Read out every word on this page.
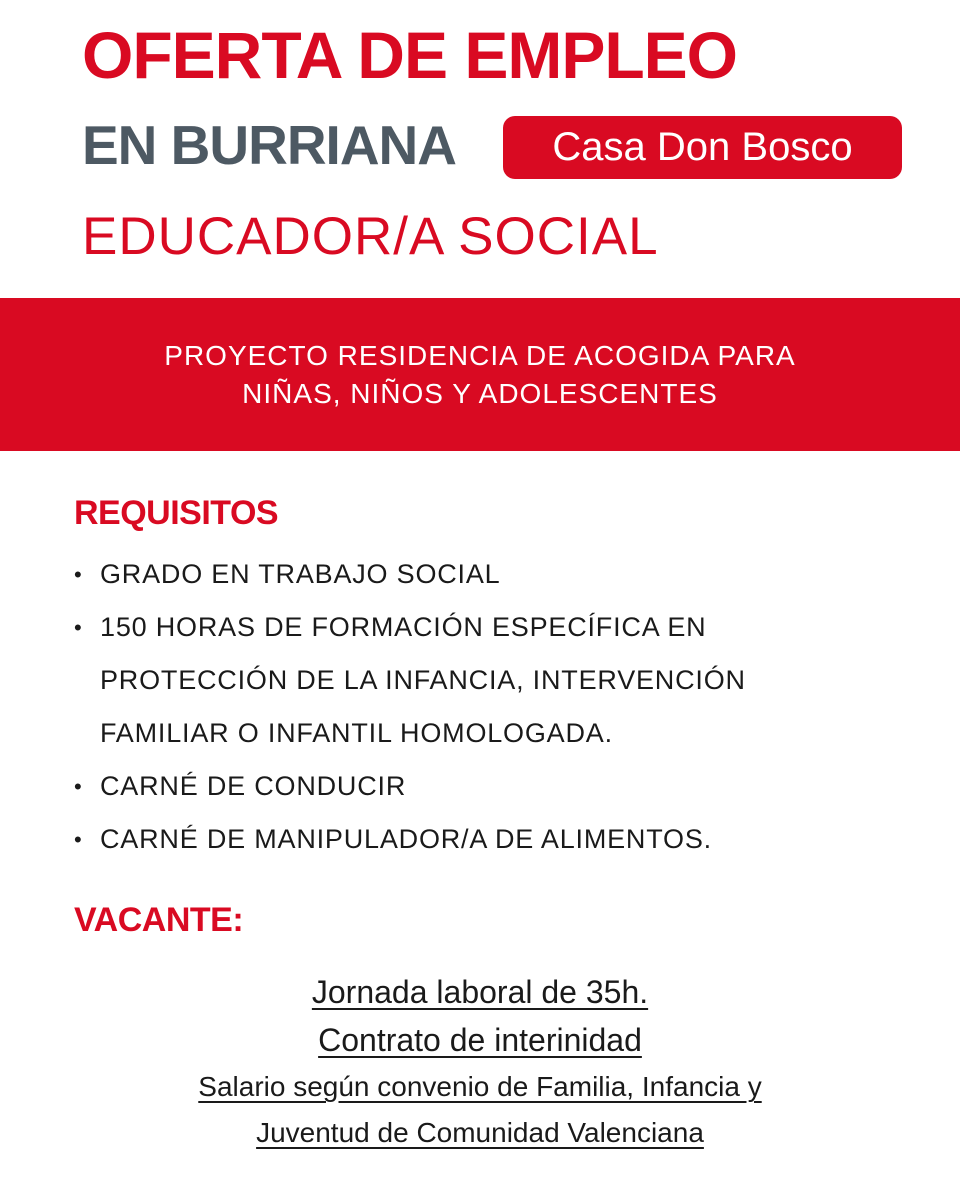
OFERTA DE EMPLEO
EN BURRIANA	Casa Don Bosco
EDUCADOR/A SOCIAL
PROYECTO RESIDENCIA DE ACOGIDA PARA
NIÑAS, NIÑOS Y ADOLESCENTES
REQUISITOS
• GRADO EN TRABAJO SOCIAL
• 150 HORAS DE FORMACIÓN ESPECÍFICA EN PROTECCIÓN DE LA INFANCIA, INTERVENCIÓN FAMILIAR O INFANTIL HOMOLOGADA.
• CARNÉ DE CONDUCIR
• CARNÉ DE MANIPULADOR/A DE ALIMENTOS.
VACANTE:
Jornada laboral de 35h.
Contrato de interinidad
Salario según convenio de Familia, Infancia y
Juventud de Comunidad Valenciana
